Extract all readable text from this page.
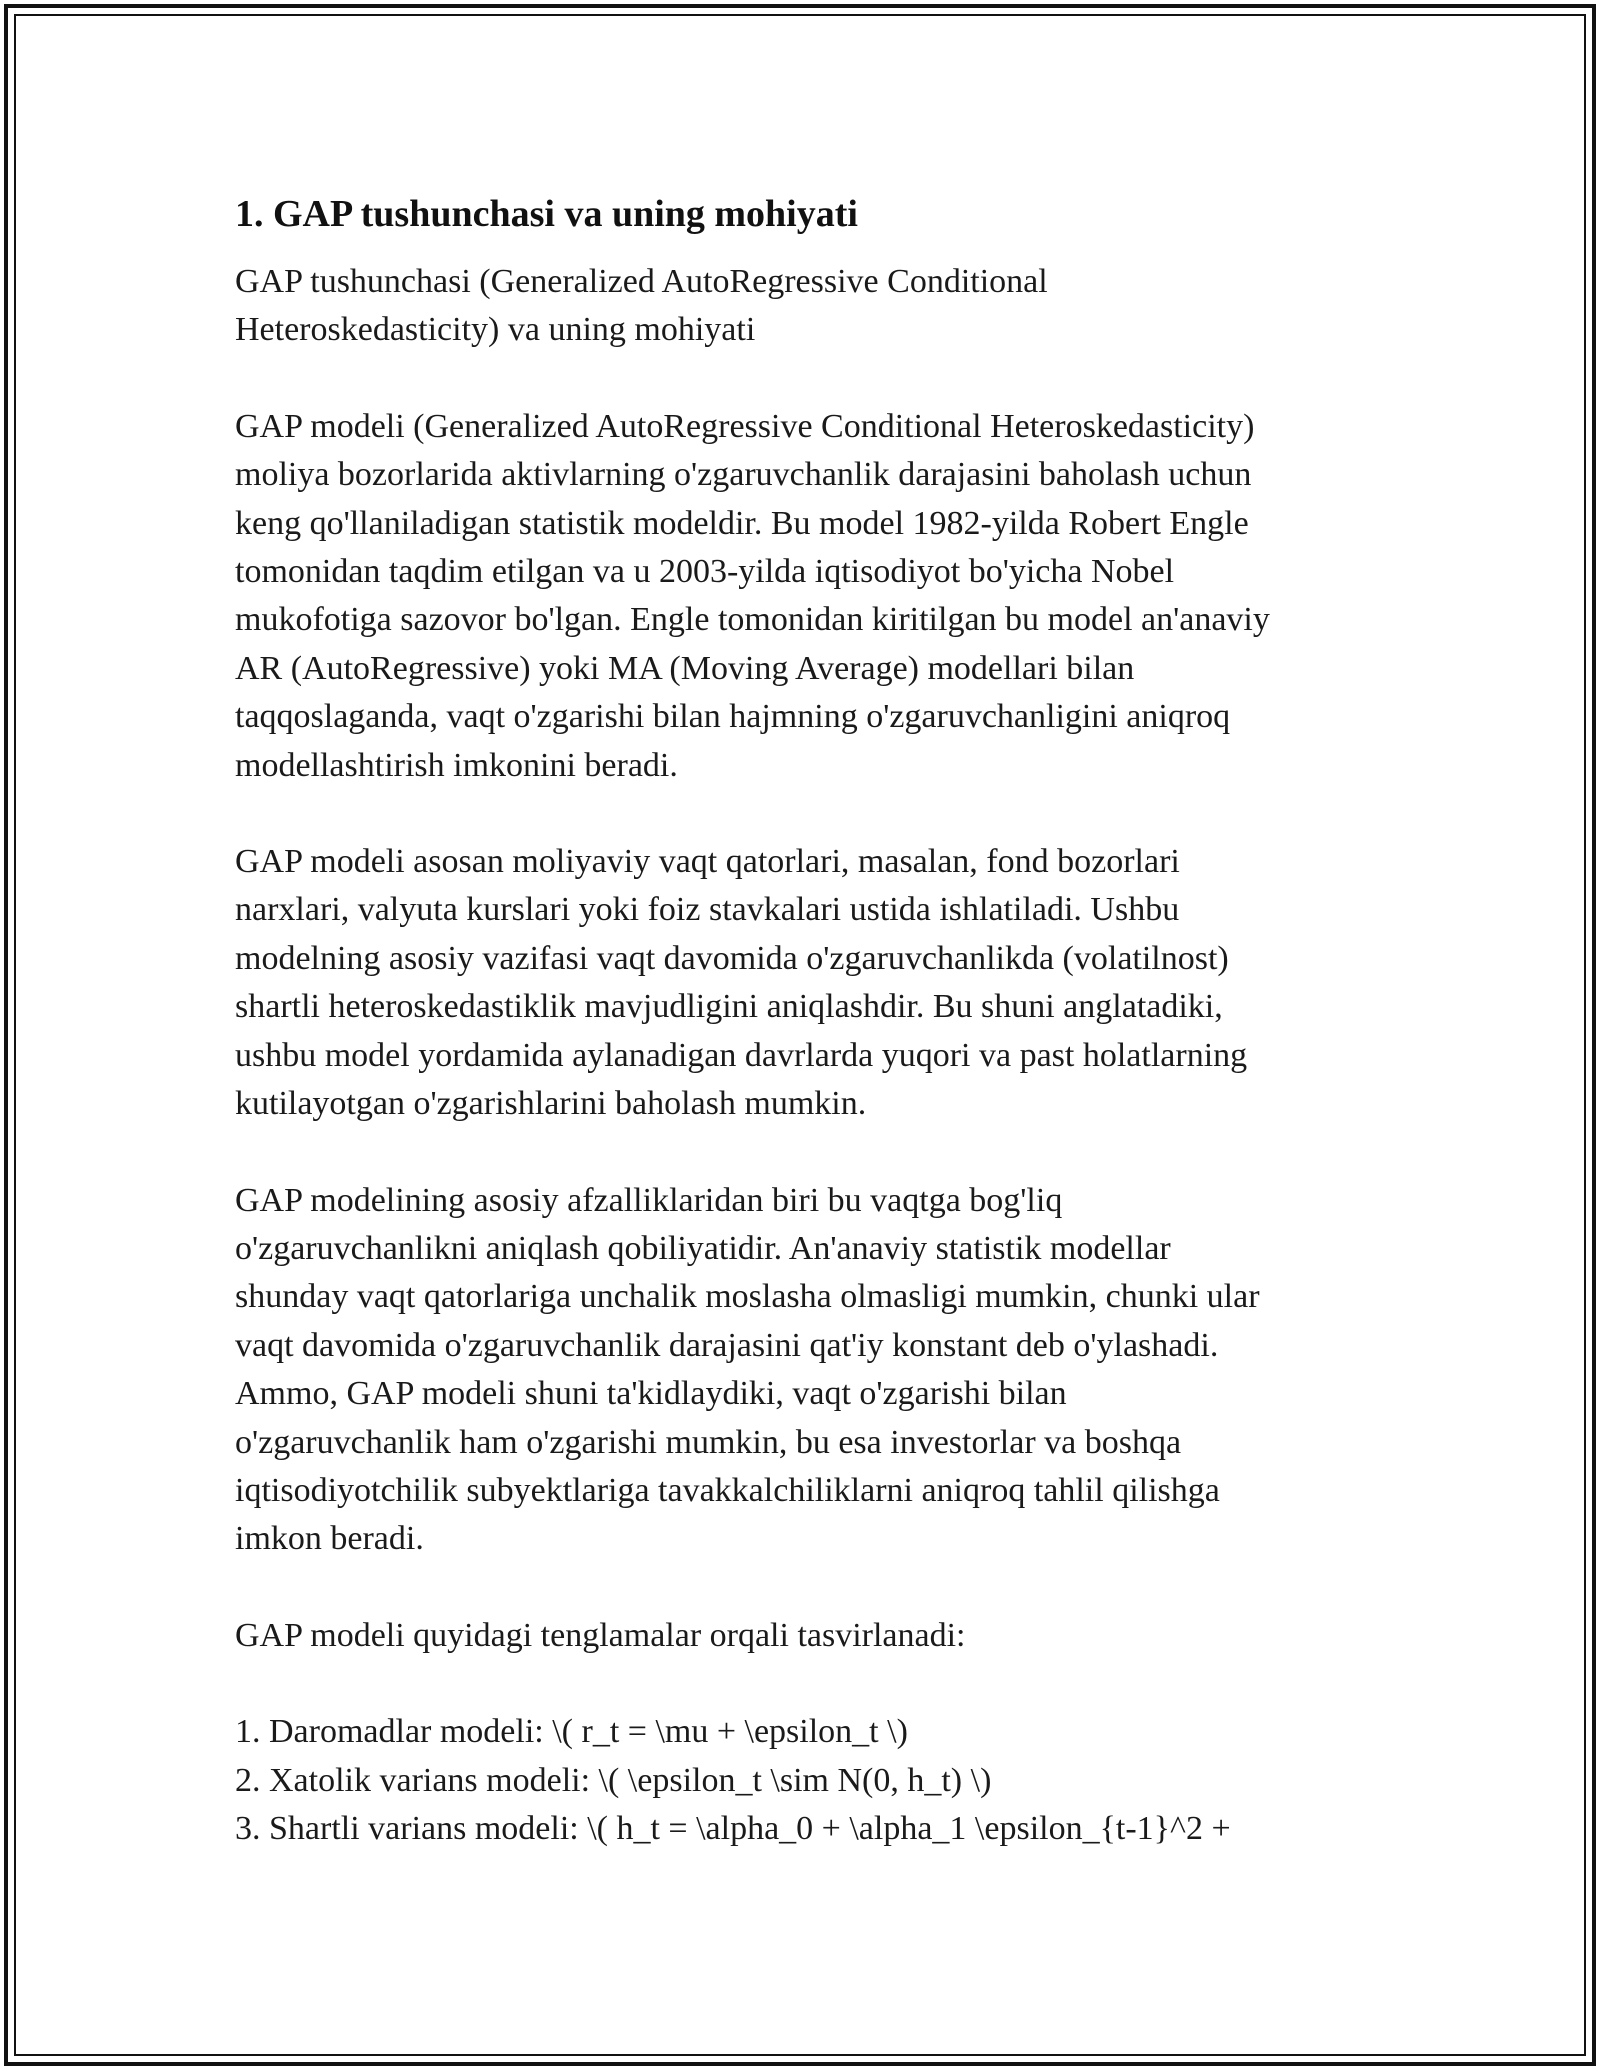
1. GAP tushunchasi va uning mohiyati

GAP tushunchasi (Generalized AutoRegressive Conditional
Heteroskedasticity) va uning mohiyati

GAP modeli (Generalized AutoRegressive Conditional Heteroskedasticity)
moliya bozorlarida aktivlarning o'zgaruvchanlik darajasini baholash uchun
keng qo'llaniladigan statistik modeldir. Bu model 1982-yilda Robert Engle
tomonidan taqdim etilgan va u 2003-yilda iqtisodiyot bo'yicha Nobel
mukofotiga sazovor bo'lgan. Engle tomonidan kiritilgan bu model an'anaviy
AR (AutoRegressive) yoki MA (Moving Average) modellari bilan
taqqoslaganda, vaqt o'zgarishi bilan hajmning o'zgaruvchanligini aniqroq
modellashtirish imkonini beradi.

GAP modeli asosan moliyaviy vaqt qatorlari, masalan, fond bozorlari
narxlari, valyuta kurslari yoki foiz stavkalari ustida ishlatiladi. Ushbu
modelning asosiy vazifasi vaqt davomida o'zgaruvchanlikda (volatilnost)
shartli heteroskedastiklik mavjudligini aniqlashdir. Bu shuni anglatadiki,
ushbu model yordamida aylanadigan davrlarda yuqori va past holatlarning
kutilayotgan o'zgarishlarini baholash mumkin.

GAP modelining asosiy afzalliklaridan biri bu vaqtga bog'liq
o'zgaruvchanlikni aniqlash qobiliyatidir. An'anaviy statistik modellar
shunday vaqt qatorlariga unchalik moslasha olmasligi mumkin, chunki ular
vaqt davomida o'zgaruvchanlik darajasini qat'iy konstant deb o'ylashadi.
Ammo, GAP modeli shuni ta'kidlaydiki, vaqt o'zgarishi bilan
o'zgaruvchanlik ham o'zgarishi mumkin, bu esa investorlar va boshqa
iqtisodiyotchilik subyektlariga tavakkalchiliklarni aniqroq tahlil qilishga
imkon beradi.

GAP modeli quyidagi tenglamalar orqali tasvirlanadi:

1. Daromadlar modeli: \( r_t = \mu + \epsilon_t \)
2. Xatolik varians modeli: \( \epsilon_t \sim N(0, h_t) \)
3. Shartli varians modeli: \( h_t = \alpha_0 + \alpha_1 \epsilon_{t-1}^2 +
